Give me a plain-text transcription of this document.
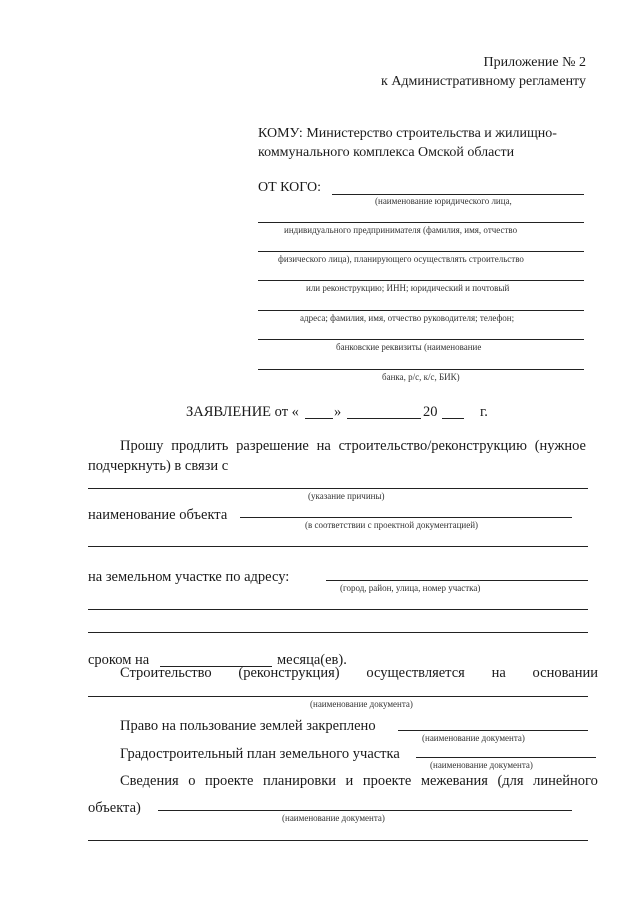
Приложение № 2
к Административному регламенту
КОМУ: Министерство строительства и жилищно-
коммунального комплекса Омской области
ОТ КОГО:
(наименование юридического лица,
индивидуального предпринимателя (фамилия, имя, отчество
физического лица), планирующего осуществлять строительство
или реконструкцию; ИНН; юридический и почтовый
адреса; фамилия, имя, отчество руководителя; телефон;
банковские реквизиты (наименование
банка, р/с, к/с, БИК)
ЗАЯВЛЕНИЕ от « »	20	г.
Прошу продлить разрешение на строительство/реконструкцию (нужное
подчеркнуть) в связи с
(указание причины)
наименование объекта
(в соответствии с проектной документацией)
на земельном участке по адресу:
(город, район, улица, номер участка)
сроком на	месяца(ев).
Строительство (реконструкция) осуществляется на основании
(наименование документа)
Право на пользование землей закреплено
(наименование документа)
Градостроительный план земельного участка
(наименование документа)
Сведения о проекте планировки и проекте межевания (для линейного
объекта)
(наименование документа)
